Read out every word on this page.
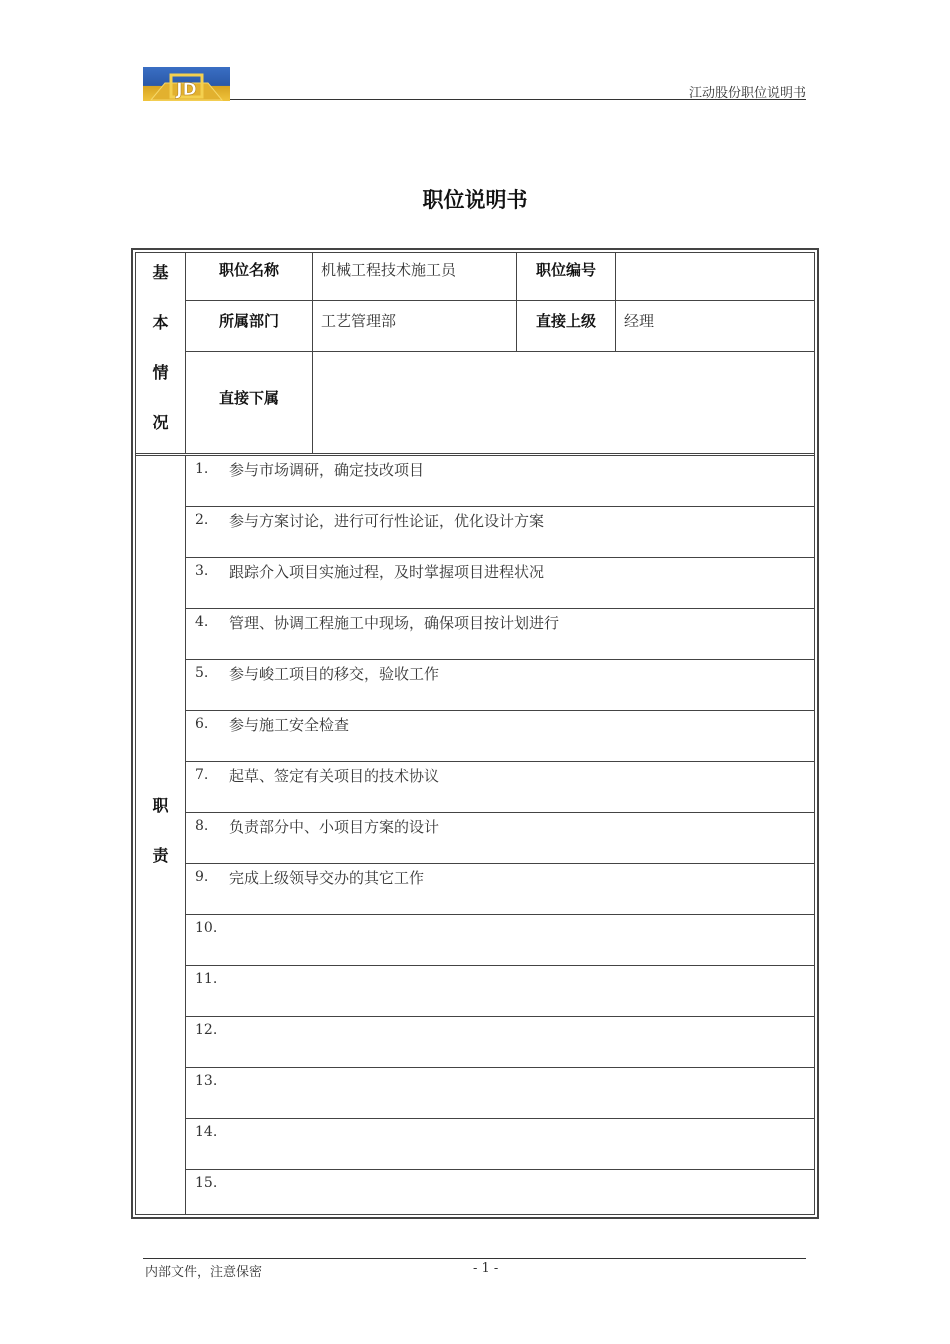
JD	江动股份职位说明书
职位说明书
基
本
情
况
职位名称	机械工程技术施工员	职位编号
所属部门	工艺管理部	直接上级	经理
直接下属
职
责
1. 参与市场调研，确定技改项目
2. 参与方案讨论，进行可行性论证，优化设计方案
3. 跟踪介入项目实施过程，及时掌握项目进程状况
4. 管理、协调工程施工中现场，确保项目按计划进行
5. 参与峻工项目的移交，验收工作
6. 参与施工安全检查
7. 起草、签定有关项目的技术协议
8. 负责部分中、小项目方案的设计
9. 完成上级领导交办的其它工作
10.
11.
12.
13.
14.
15.
内部文件，注意保密	- 1 -
